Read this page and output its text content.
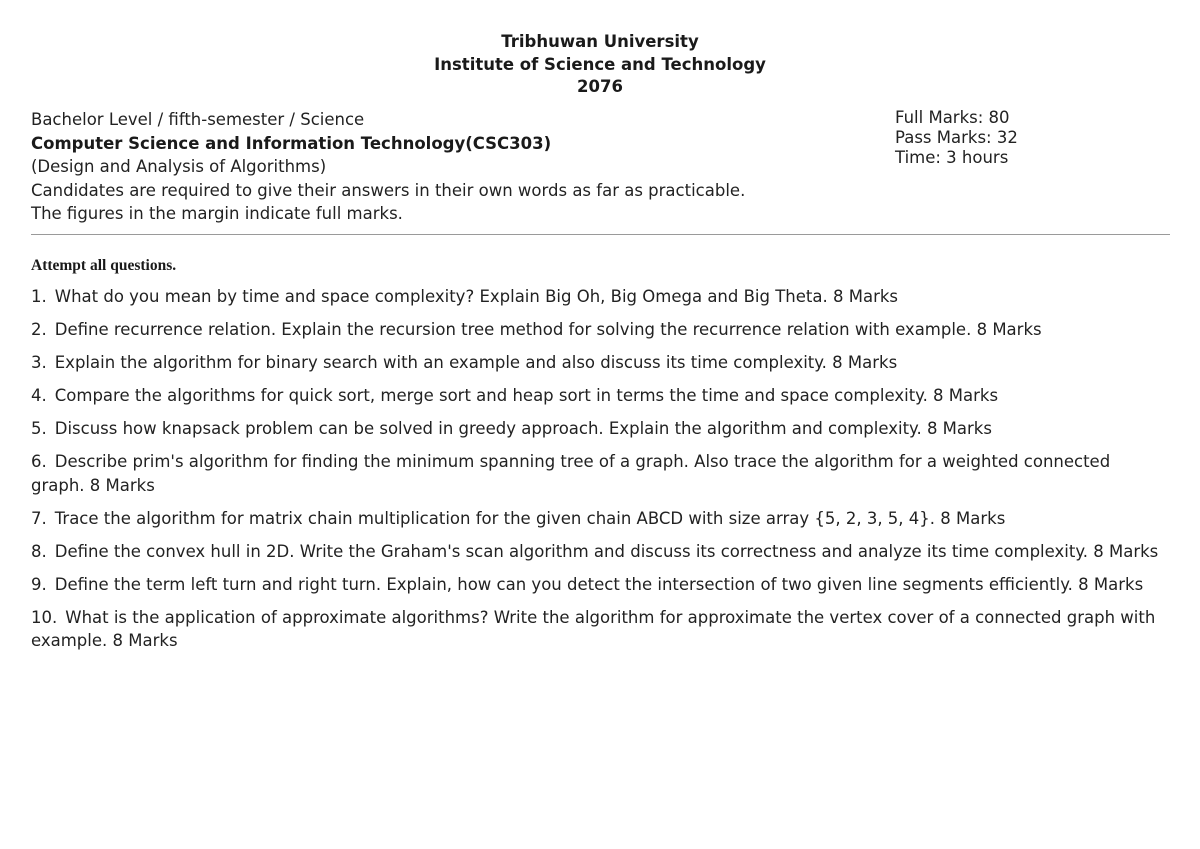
Tribhuwan University
Institute of Science and Technology
2076
Bachelor Level / fifth-semester / Science
Computer Science and Information Technology(CSC303)
(Design and Analysis of Algorithms)
Candidates are required to give their answers in their own words as far as practicable.
The figures in the margin indicate full marks.
Full Marks: 80
Pass Marks: 32
Time: 3 hours
Attempt all questions.
1. What do you mean by time and space complexity? Explain Big Oh, Big Omega and Big Theta. 8 Marks
2. Define recurrence relation. Explain the recursion tree method for solving the recurrence relation with example. 8 Marks
3. Explain the algorithm for binary search with an example and also discuss its time complexity. 8 Marks
4. Compare the algorithms for quick sort, merge sort and heap sort in terms the time and space complexity. 8 Marks
5. Discuss how knapsack problem can be solved in greedy approach. Explain the algorithm and complexity. 8 Marks
6. Describe prim's algorithm for finding the minimum spanning tree of a graph. Also trace the algorithm for a weighted connected graph. 8 Marks
7. Trace the algorithm for matrix chain multiplication for the given chain ABCD with size array {5, 2, 3, 5, 4}. 8 Marks
8. Define the convex hull in 2D. Write the Graham's scan algorithm and discuss its correctness and analyze its time complexity. 8 Marks
9. Define the term left turn and right turn. Explain, how can you detect the intersection of two given line segments efficiently. 8 Marks
10. What is the application of approximate algorithms? Write the algorithm for approximate the vertex cover of a connected graph with example. 8 Marks
